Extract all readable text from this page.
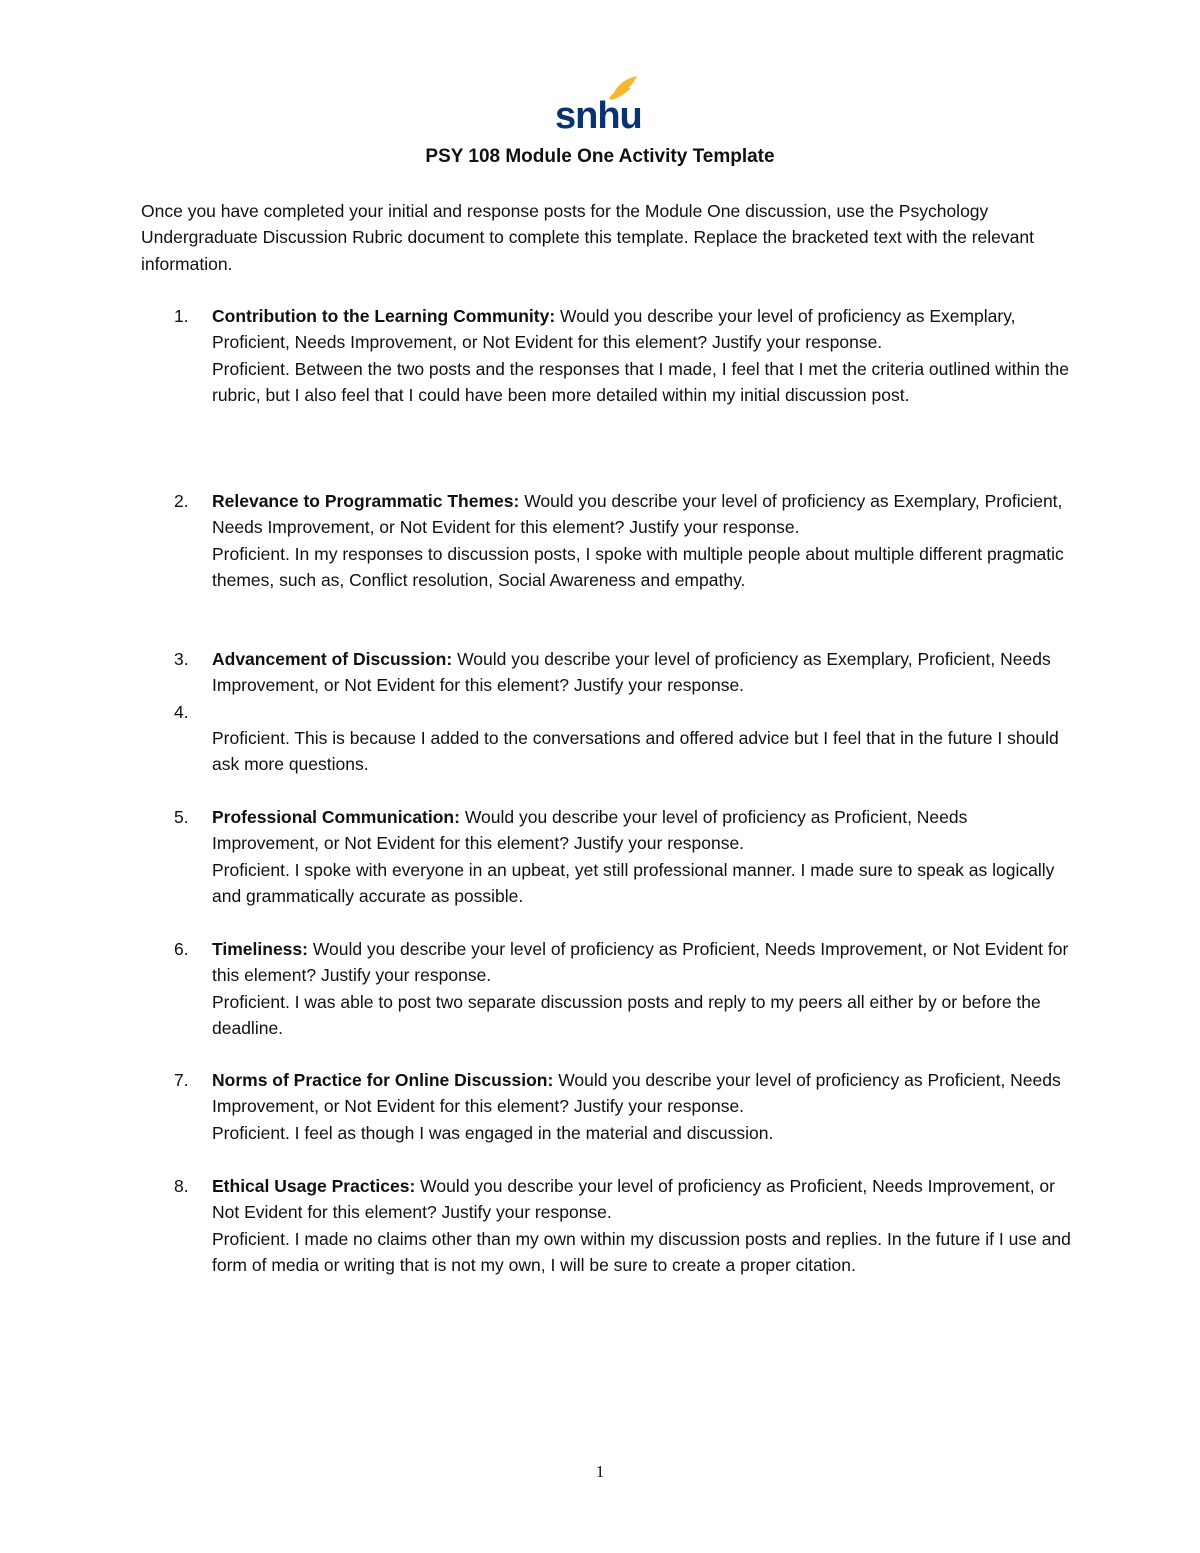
snhu
PSY 108 Module One Activity Template

Once you have completed your initial and response posts for the Module One discussion, use the Psychology Undergraduate Discussion Rubric document to complete this template. Replace the bracketed text with the relevant information.

1.	Contribution to the Learning Community: Would you describe your level of proficiency as Exemplary, Proficient, Needs Improvement, or Not Evident for this element? Justify your response.

Proficient. Between the two posts and the responses that I made, I feel that I met the criteria outlined within the rubric, but I also feel that I could have been more detailed within my initial discussion post.

2.	Relevance to Programmatic Themes: Would you describe your level of proficiency as Exemplary, Proficient, Needs Improvement, or Not Evident for this element? Justify your response.

Proficient. In my responses to discussion posts, I spoke with multiple people about multiple different pragmatic themes, such as, Conflict resolution, Social Awareness and empathy.

3.	Advancement of Discussion: Would you describe your level of proficiency as Exemplary, Proficient, Needs Improvement, or Not Evident for this element? Justify your response.

4.

Proficient. This is because I added to the conversations and offered advice but I feel that in the future I should ask more questions.

5.	Professional Communication: Would you describe your level of proficiency as Proficient, Needs Improvement, or Not Evident for this element? Justify your response.

Proficient. I spoke with everyone in an upbeat, yet still professional manner. I made sure to speak as logically and grammatically accurate as possible.

6.	Timeliness: Would you describe your level of proficiency as Proficient, Needs Improvement, or Not Evident for this element? Justify your response.

Proficient. I was able to post two separate discussion posts and reply to my peers all either by or before the deadline.

7.	Norms of Practice for Online Discussion: Would you describe your level of proficiency as Proficient, Needs Improvement, or Not Evident for this element? Justify your response.

Proficient. I feel as though I was engaged in the material and discussion.

8.	Ethical Usage Practices: Would you describe your level of proficiency as Proficient, Needs Improvement, or Not Evident for this element? Justify your response.

Proficient. I made no claims other than my own within my discussion posts and replies. In the future if I use and form of media or writing that is not my own, I will be sure to create a proper citation.

1
